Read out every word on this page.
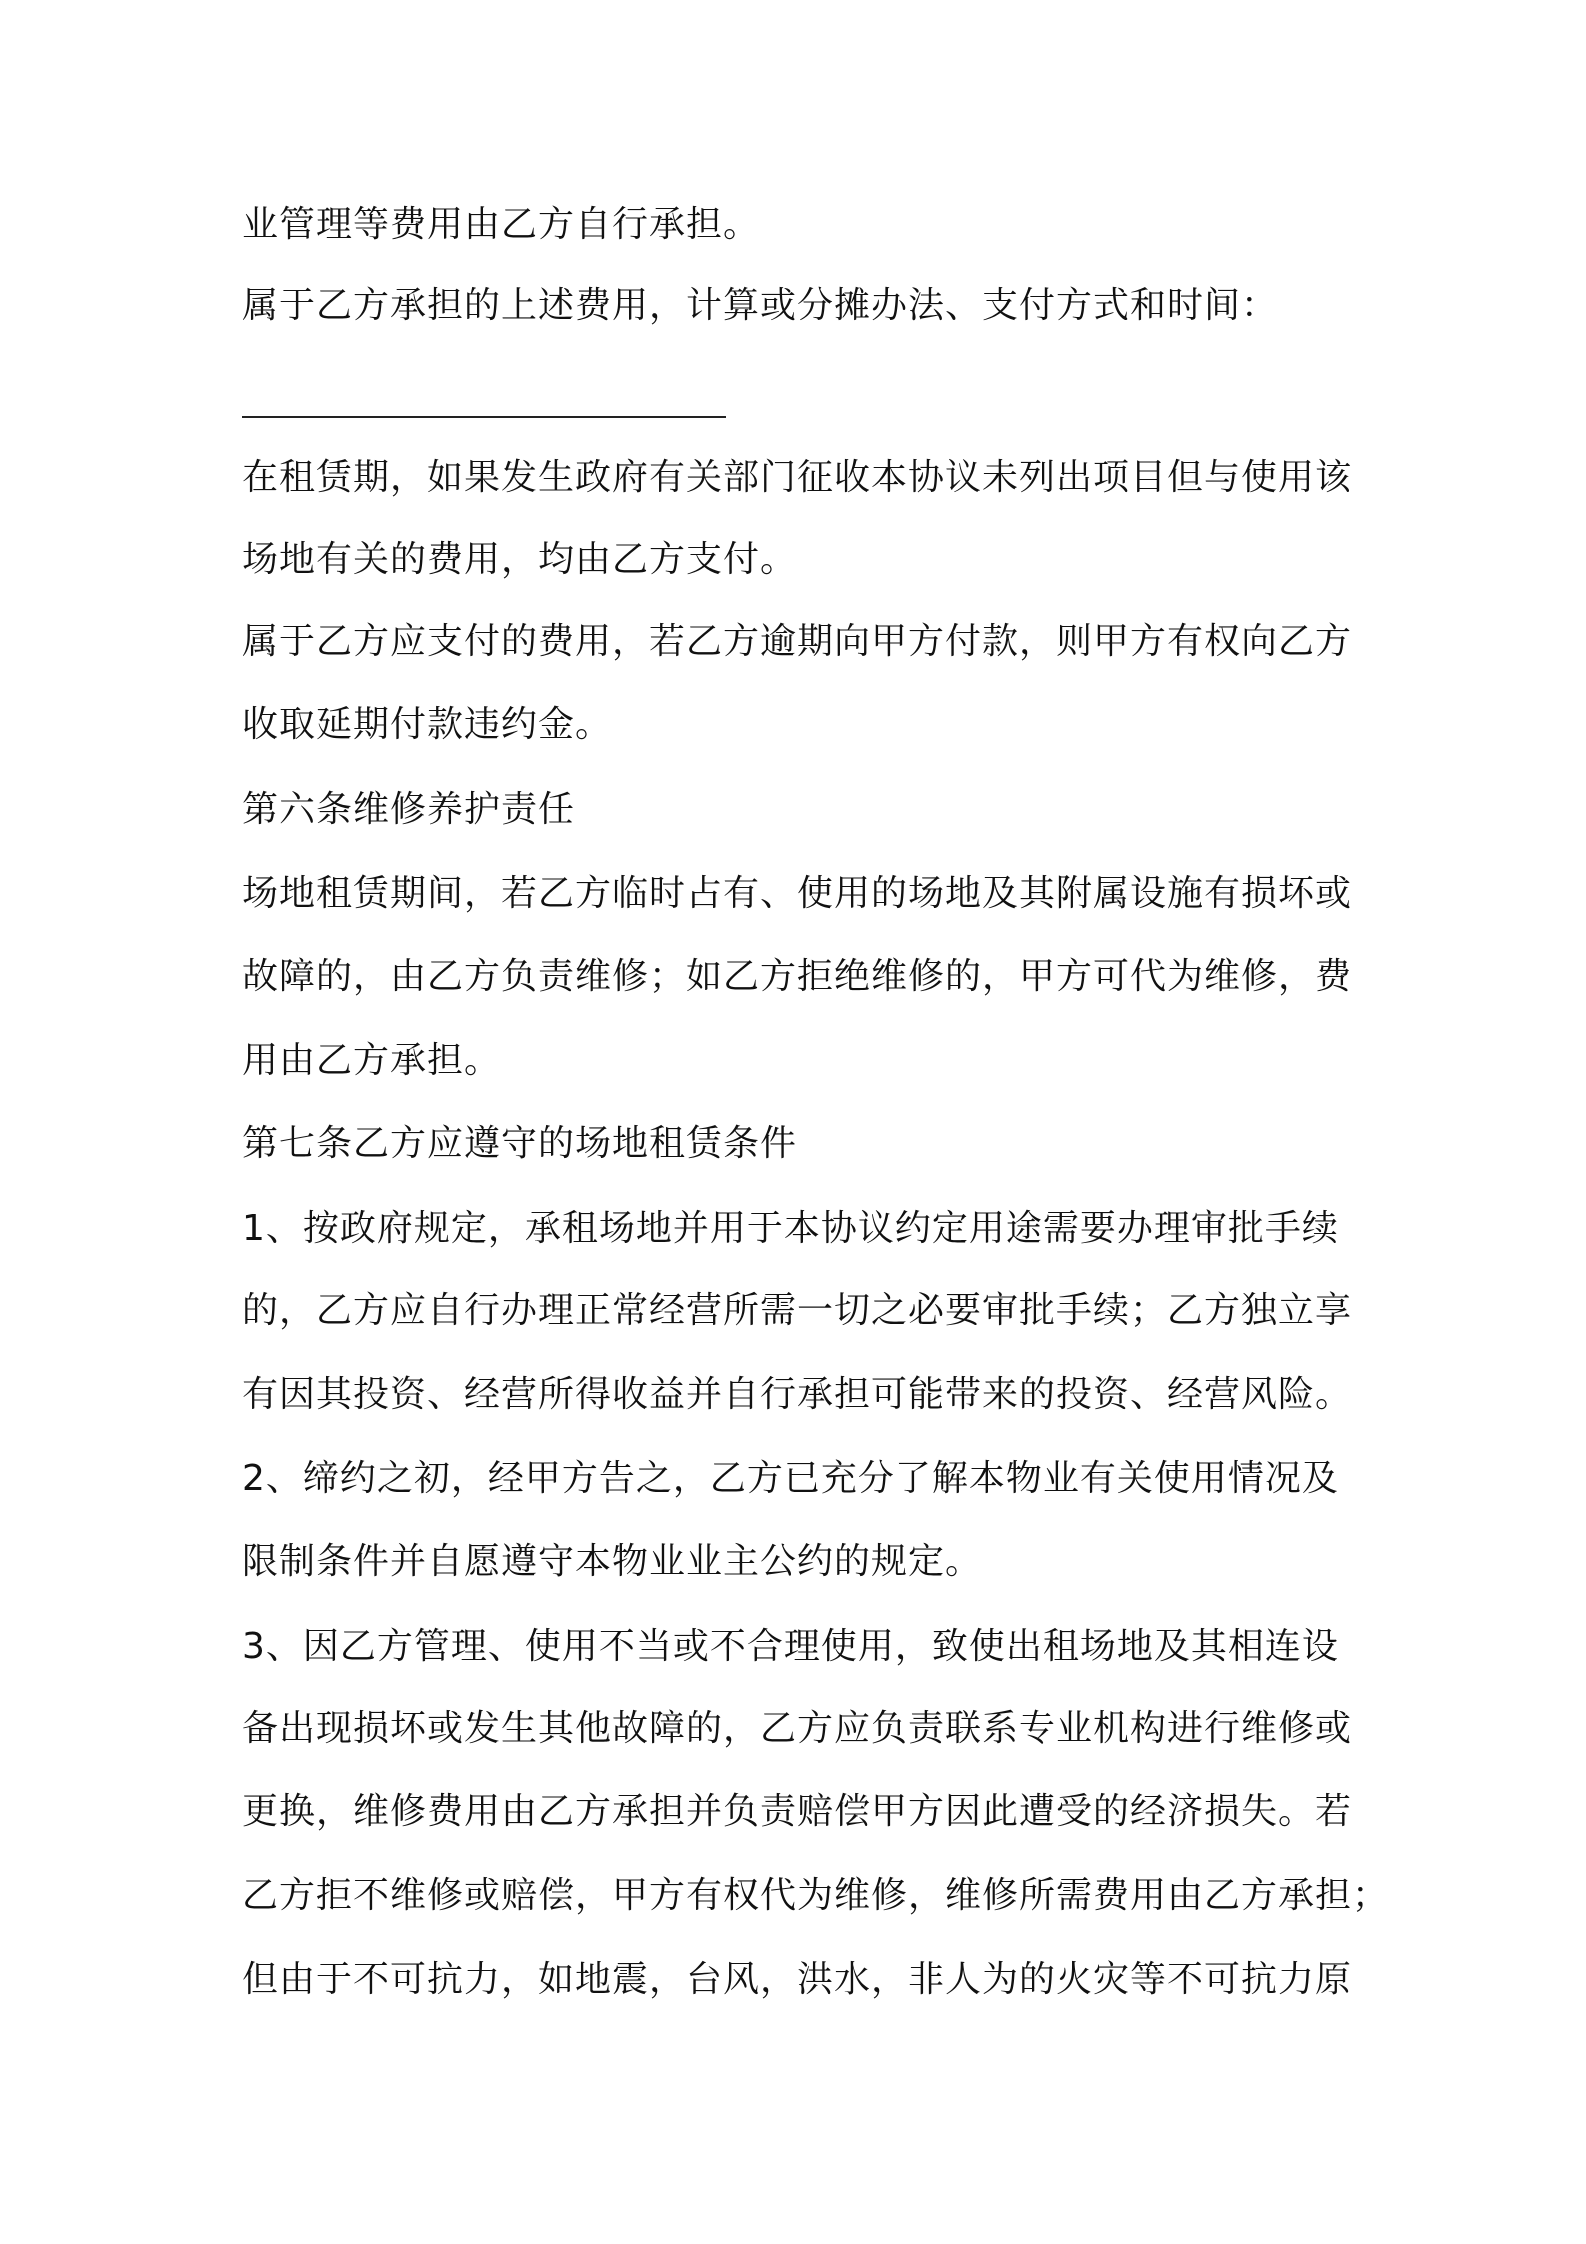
业管理等费用由乙方自行承担。
属于乙方承担的上述费用，计算或分摊办法、支付方式和时间：
在租赁期，如果发生政府有关部门征收本协议未列出项目但与使用该
场地有关的费用，均由乙方支付。
属于乙方应支付的费用，若乙方逾期向甲方付款，则甲方有权向乙方
收取延期付款违约金。
第六条维修养护责任
场地租赁期间，若乙方临时占有、使用的场地及其附属设施有损坏或
故障的，由乙方负责维修；如乙方拒绝维修的，甲方可代为维修，费
用由乙方承担。
第七条乙方应遵守的场地租赁条件
1、按政府规定，承租场地并用于本协议约定用途需要办理审批手续
的，乙方应自行办理正常经营所需一切之必要审批手续；乙方独立享
有因其投资、经营所得收益并自行承担可能带来的投资、经营风险。
2、缔约之初，经甲方告之，乙方已充分了解本物业有关使用情况及
限制条件并自愿遵守本物业业主公约的规定。
3、因乙方管理、使用不当或不合理使用，致使出租场地及其相连设
备出现损坏或发生其他故障的，乙方应负责联系专业机构进行维修或
更换，维修费用由乙方承担并负责赔偿甲方因此遭受的经济损失。若
乙方拒不维修或赔偿，甲方有权代为维修，维修所需费用由乙方承担；
但由于不可抗力，如地震，台风，洪水，非人为的火灾等不可抗力原
